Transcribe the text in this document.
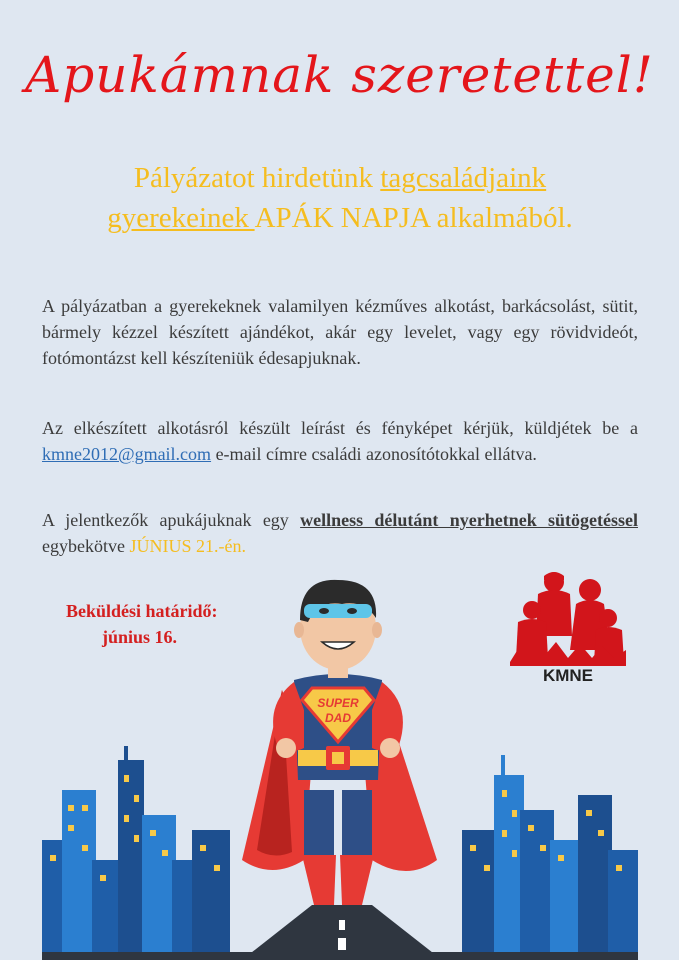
Apukámnak szeretettel!
Pályázatot hirdetünk tagcsaládjaink
gyerekeinek APÁK NAPJA alkalmából.
A pályázatban a gyerekeknek valamilyen kézműves alkotást, barkácsolást, sütit, bármely kézzel készített ajándékot, akár egy levelet, vagy egy rövidvideót, fotómontázst kell készíteniük édesapjuknak.
Az elkészített alkotásról készült leírást és fényképet kérjük, küldjétek be a kmne2012@gmail.com e-mail címre családi azonosítótokkal ellátva.
A jelentkezők apukájuknak egy wellness délutánt nyerhetnek sütögetéssel egybekötve JÚNIUS 21.-én.
Beküldési határidő:
június 16.
SUPER
DAD
KMNE
